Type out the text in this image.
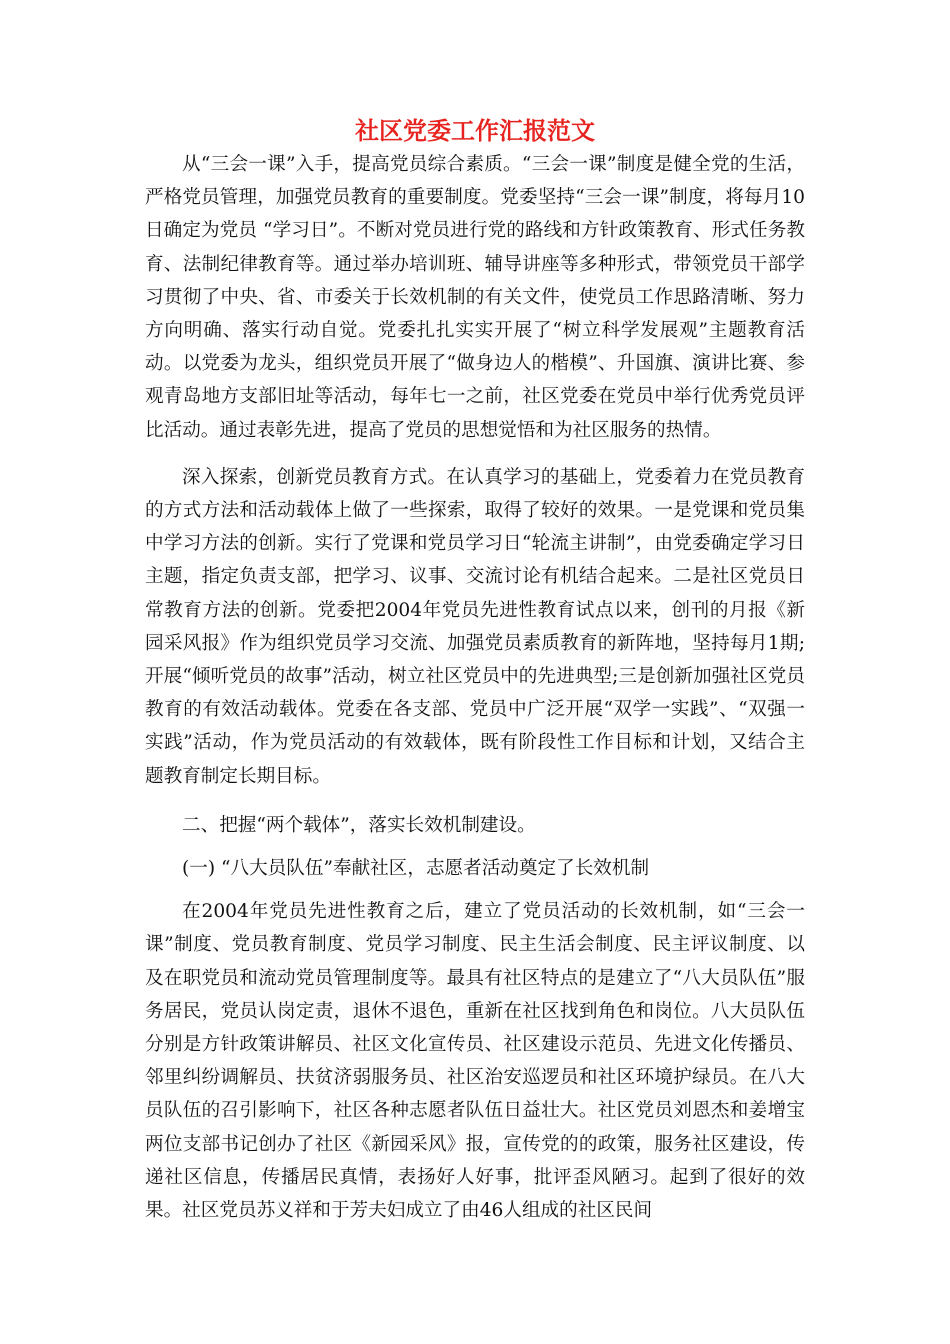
社区党委工作汇报范文

从“三会一课”入手，提高党员综合素质。“三会一课”制度是健全党的生活，严格党员管理，加强党员教育的重要制度。党委坚持“三会一课”制度，将每月10日确定为党员 “学习日”。不断对党员进行党的路线和方针政策教育、形式任务教育、法制纪律教育等。通过举办培训班、辅导讲座等多种形式，带领党员干部学习贯彻了中央、省、市委关于长效机制的有关文件，使党员工作思路清晰、努力方向明确、落实行动自觉。党委扎扎实实开展了“树立科学发展观”主题教育活动。以党委为龙头，组织党员开展了“做身边人的楷模”、升国旗、演讲比赛、参观青岛地方支部旧址等活动，每年七一之前，社区党委在党员中举行优秀党员评比活动。通过表彰先进，提高了党员的思想觉悟和为社区服务的热情。

深入探索，创新党员教育方式。在认真学习的基础上，党委着力在党员教育的方式方法和活动载体上做了一些探索，取得了较好的效果。一是党课和党员集中学习方法的创新。实行了党课和党员学习日“轮流主讲制”，由党委确定学习日主题，指定负责支部，把学习、议事、交流讨论有机结合起来。二是社区党员日常教育方法的创新。党委把2004年党员先进性教育试点以来，创刊的月报《新园采风报》作为组织党员学习交流、加强党员素质教育的新阵地，坚持每月1期;开展“倾听党员的故事”活动，树立社区党员中的先进典型;三是创新加强社区党员教育的有效活动载体。党委在各支部、党员中广泛开展“双学一实践”、“双强一实践”活动，作为党员活动的有效载体，既有阶段性工作目标和计划，又结合主题教育制定长期目标。

二、把握“两个载体”，落实长效机制建设。

(一) “八大员队伍”奉献社区，志愿者活动奠定了长效机制

在2004年党员先进性教育之后，建立了党员活动的长效机制，如“三会一课”制度、党员教育制度、党员学习制度、民主生活会制度、民主评议制度、以及在职党员和流动党员管理制度等。最具有社区特点的是建立了“八大员队伍”服务居民，党员认岗定责，退休不退色，重新在社区找到角色和岗位。八大员队伍分别是方针政策讲解员、社区文化宣传员、社区建设示范员、先进文化传播员、邻里纠纷调解员、扶贫济弱服务员、社区治安巡逻员和社区环境护绿员。在八大员队伍的召引影响下，社区各种志愿者队伍日益壮大。社区党员刘恩杰和姜增宝两位支部书记创办了社区《新园采风》报，宣传党的的政策，服务社区建设，传递社区信息，传播居民真情，表扬好人好事，批评歪风陋习。起到了很好的效果。社区党员苏义祥和于芳夫妇成立了由46人组成的社区民间
